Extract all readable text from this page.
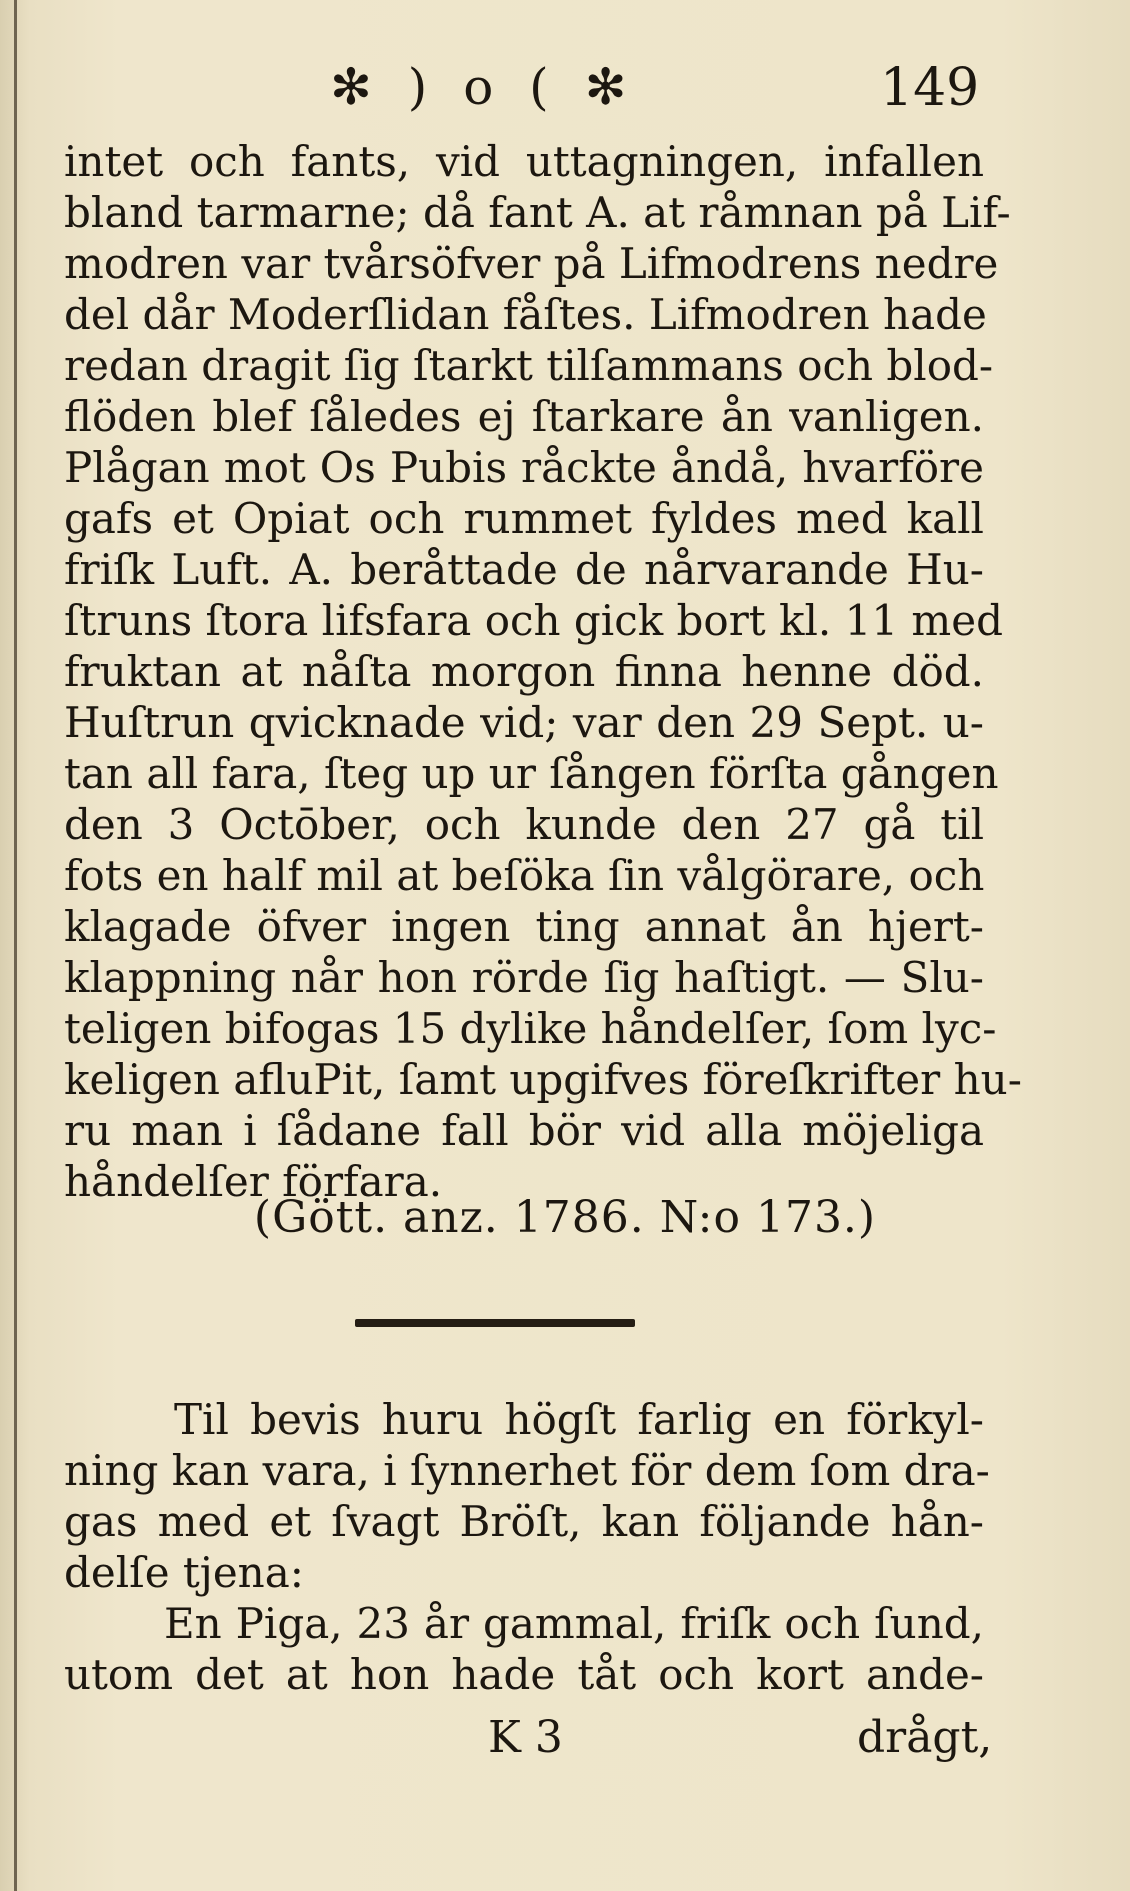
✻ ) o ( ✻	149
intet och fants, vid uttagningen, infallen
bland tarmarne; då fant A. at råmnan på Lif-
modren var tvårsöfver på Lifmodrens nedre
del dår Moderſlidan fåſtes. Lifmodren hade
redan dragit ſig ſtarkt tilſammans och blod-
flöden blef ſåledes ej ſtarkare ån vanligen.
Plågan mot Os Pubis råckte åndå, hvarföre
gafs et Opiat och rummet fyldes med kall
friſk Luft. A. beråttade de nårvarande Hu-
ſtruns ſtora lifsfara och gick bort kl. 11 med
fruktan at nåſta morgon finna henne död.
Huſtrun qvicknade vid; var den 29 Sept. u-
tan all fara, ſteg up ur ſången förſta gången
den 3 Octōber, och kunde den 27 gå til
fots en half mil at beſöka ſin vålgörare, och
klagade öfver ingen ting annat ån hjert-
klappning når hon rörde ſig haſtigt. — Slu-
teligen bifogas 15 dylike håndelſer, ſom lyc-
keligen afluPit, ſamt upgifves föreſkrifter hu-
ru man i ſådane fall bör vid alla möjeliga
håndelſer förfara.
(Gött. anz. 1786. N:o 173.)
Til bevis huru högſt farlig en förkyl-
ning kan vara, i ſynnerhet för dem ſom dra-
gas med et ſvagt Bröſt, kan följande hån-
delſe tjena:
En Piga, 23 år gammal, friſk och ſund,
utom det at hon hade tåt och kort ande-
K 3	drågt,
